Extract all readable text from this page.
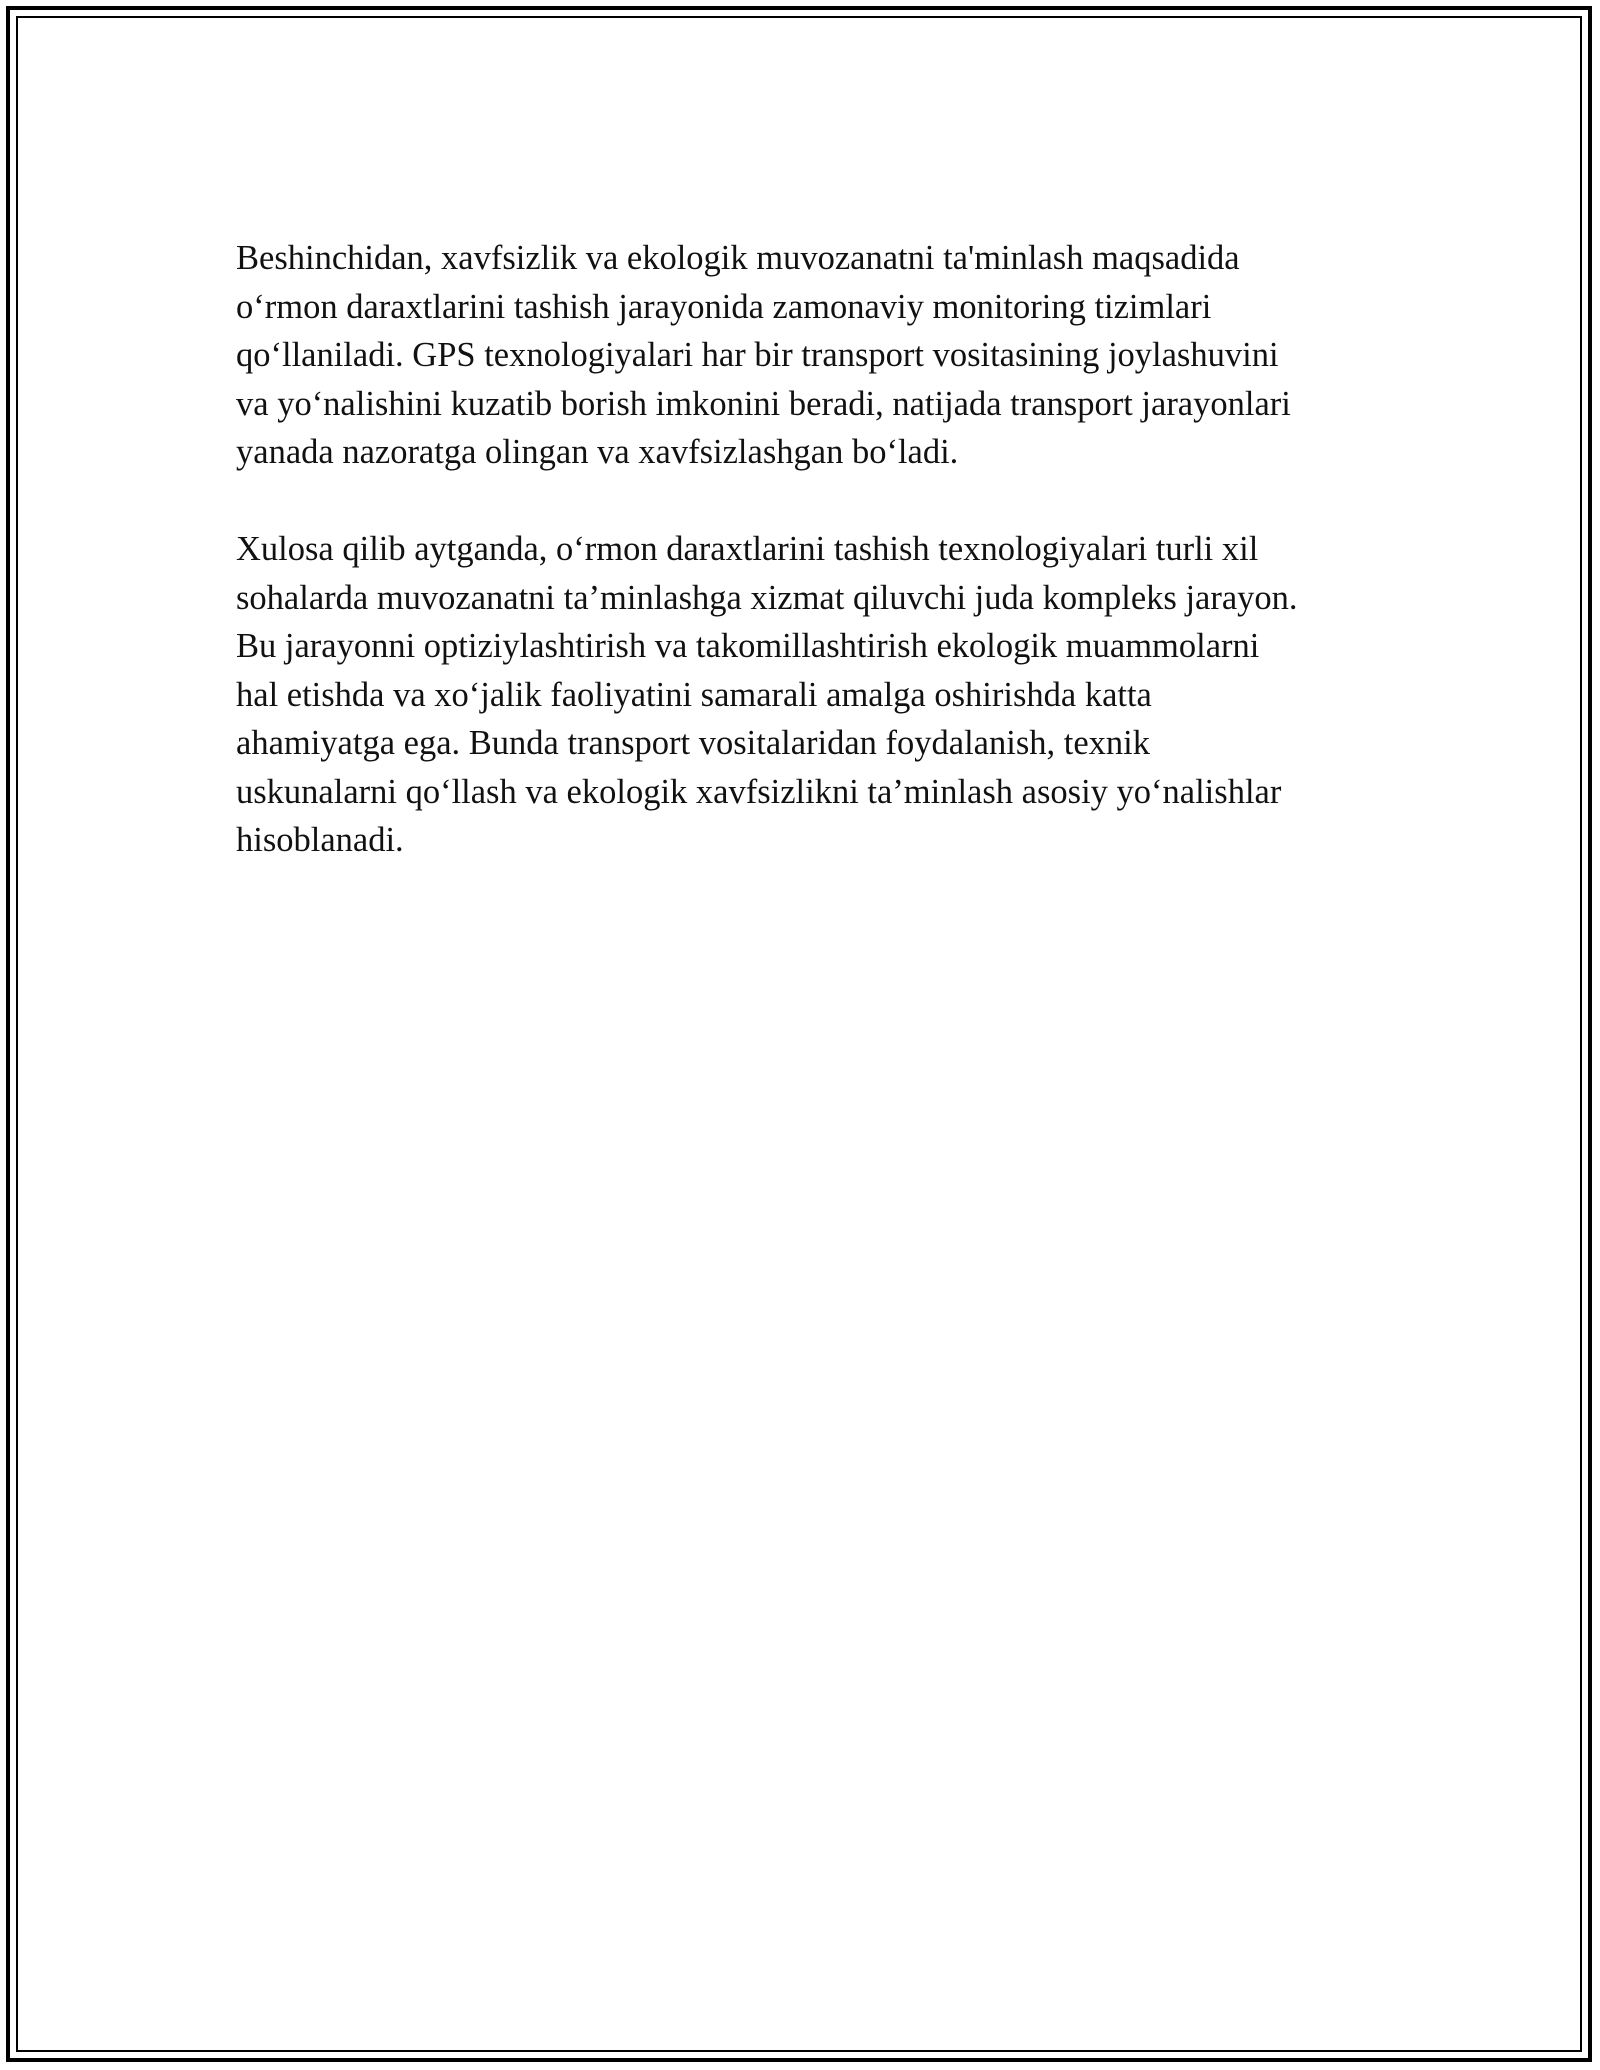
Beshinchidan, xavfsizlik va ekologik muvozanatni ta'minlash maqsadida
o‘rmon daraxtlarini tashish jarayonida zamonaviy monitoring tizimlari
qo‘llaniladi. GPS texnologiyalari har bir transport vositasining joylashuvini
va yo‘nalishini kuzatib borish imkonini beradi, natijada transport jarayonlari
yanada nazoratga olingan va xavfsizlashgan bo‘ladi.

Xulosa qilib aytganda, o‘rmon daraxtlarini tashish texnologiyalari turli xil
sohalarda muvozanatni ta’minlashga xizmat qiluvchi juda kompleks jarayon.
Bu jarayonni optiziylashtirish va takomillashtirish ekologik muammolarni
hal etishda va xo‘jalik faoliyatini samarali amalga oshirishda katta
ahamiyatga ega. Bunda transport vositalaridan foydalanish, texnik
uskunalarni qo‘llash va ekologik xavfsizlikni ta’minlash asosiy yo‘nalishlar
hisoblanadi.
